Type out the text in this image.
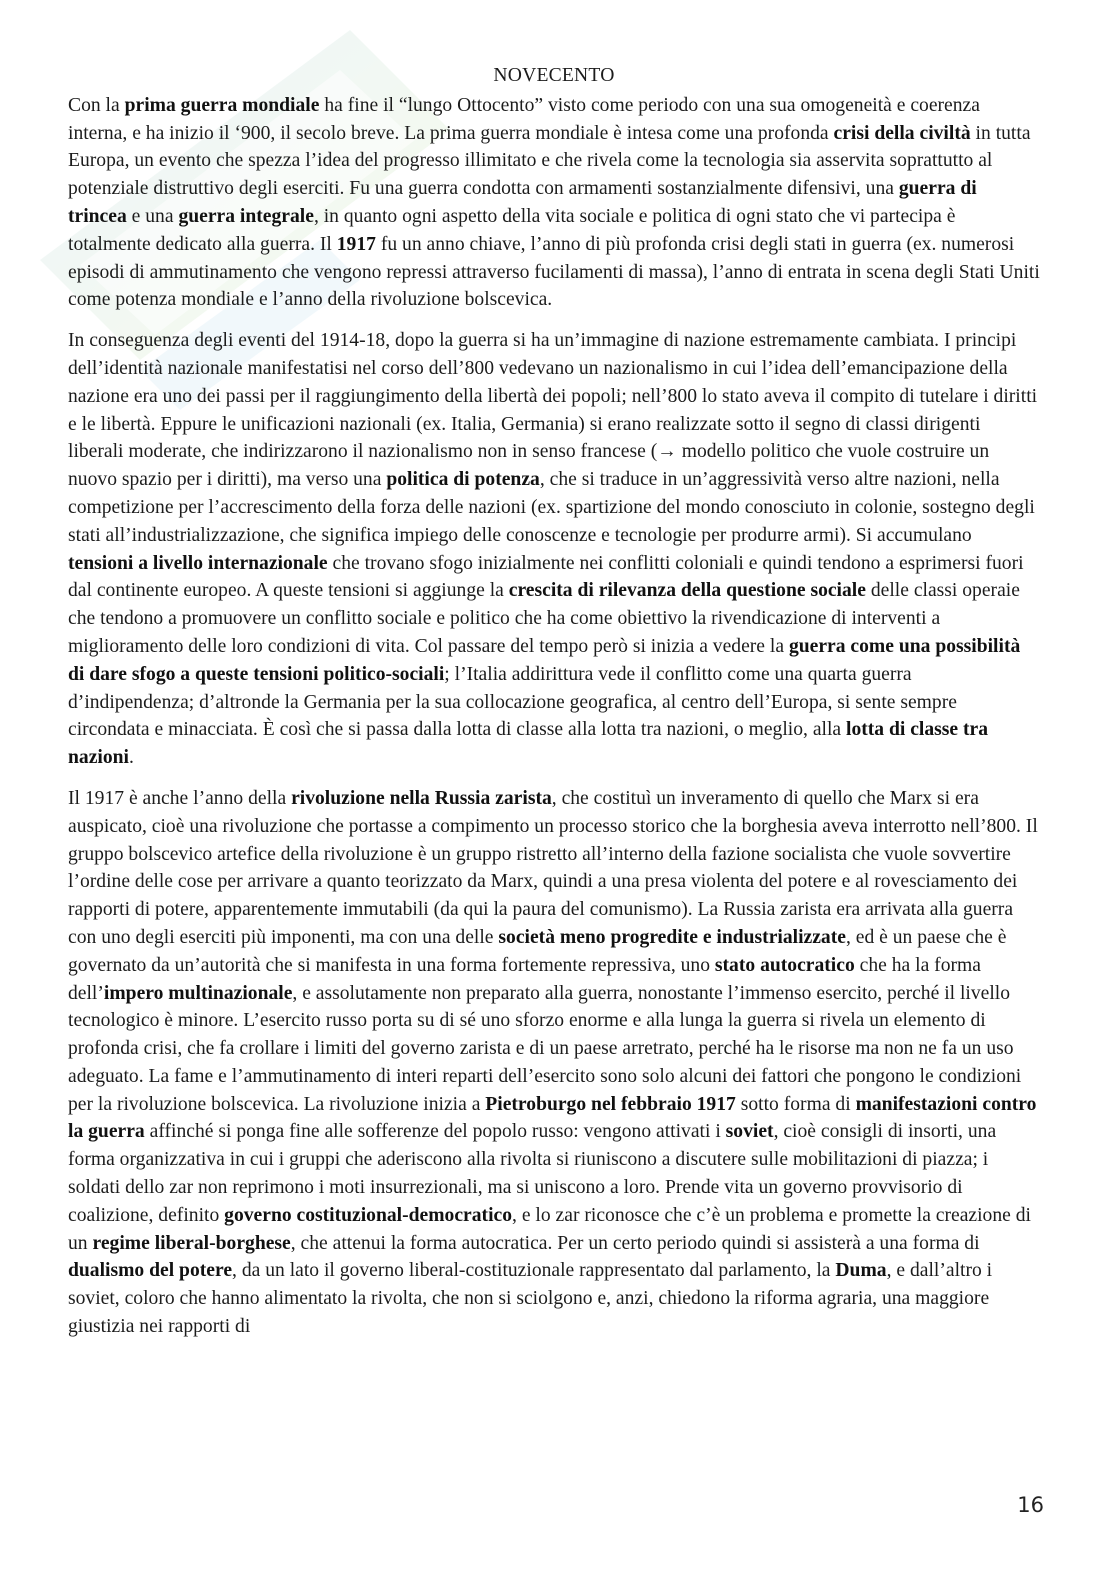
NOVECENTO

Con la prima guerra mondiale ha fine il “lungo Ottocento” visto come periodo con una sua omogeneità e coerenza interna, e ha inizio il ‘900, il secolo breve. La prima guerra mondiale è intesa come una profonda crisi della civiltà in tutta Europa, un evento che spezza l’idea del progresso illimitato e che rivela come la tecnologia sia asservita soprattutto al potenziale distruttivo degli eserciti. Fu una guerra condotta con armamenti sostanzialmente difensivi, una guerra di trincea e una guerra integrale, in quanto ogni aspetto della vita sociale e politica di ogni stato che vi partecipa è totalmente dedicato alla guerra. Il 1917 fu un anno chiave, l’anno di più profonda crisi degli stati in guerra (ex. numerosi episodi di ammutinamento che vengono repressi attraverso fucilamenti di massa), l’anno di entrata in scena degli Stati Uniti come potenza mondiale e l’anno della rivoluzione bolscevica.

In conseguenza degli eventi del 1914-18, dopo la guerra si ha un’immagine di nazione estremamente cambiata. I principi dell’identità nazionale manifestatisi nel corso dell’800 vedevano un nazionalismo in cui l’idea dell’emancipazione della nazione era uno dei passi per il raggiungimento della libertà dei popoli; nell’800 lo stato aveva il compito di tutelare i diritti e le libertà. Eppure le unificazioni nazionali (ex. Italia, Germania) si erano realizzate sotto il segno di classi dirigenti liberali moderate, che indirizzarono il nazionalismo non in senso francese (→ modello politico che vuole costruire un nuovo spazio per i diritti), ma verso una politica di potenza, che si traduce in un’aggressività verso altre nazioni, nella competizione per l’accrescimento della forza delle nazioni (ex. spartizione del mondo conosciuto in colonie, sostegno degli stati all’industrializzazione, che significa impiego delle conoscenze e tecnologie per produrre armi). Si accumulano tensioni a livello internazionale che trovano sfogo inizialmente nei conflitti coloniali e quindi tendono a esprimersi fuori dal continente europeo. A queste tensioni si aggiunge la crescita di rilevanza della questione sociale delle classi operaie che tendono a promuovere un conflitto sociale e politico che ha come obiettivo la rivendicazione di interventi a miglioramento delle loro condizioni di vita. Col passare del tempo però si inizia a vedere la guerra come una possibilità di dare sfogo a queste tensioni politico-sociali; l’Italia addirittura vede il conflitto come una quarta guerra d’indipendenza; d’altronde la Germania per la sua collocazione geografica, al centro dell’Europa, si sente sempre circondata e minacciata. È così che si passa dalla lotta di classe alla lotta tra nazioni, o meglio, alla lotta di classe tra nazioni.

Il 1917 è anche l’anno della rivoluzione nella Russia zarista, che costituì un inveramento di quello che Marx si era auspicato, cioè una rivoluzione che portasse a compimento un processo storico che la borghesia aveva interrotto nell’800. Il gruppo bolscevico artefice della rivoluzione è un gruppo ristretto all’interno della fazione socialista che vuole sovvertire l’ordine delle cose per arrivare a quanto teorizzato da Marx, quindi a una presa violenta del potere e al rovesciamento dei rapporti di potere, apparentemente immutabili (da qui la paura del comunismo). La Russia zarista era arrivata alla guerra con uno degli eserciti più imponenti, ma con una delle società meno progredite e industrializzate, ed è un paese che è governato da un’autorità che si manifesta in una forma fortemente repressiva, uno stato autocratico che ha la forma dell’impero multinazionale, e assolutamente non preparato alla guerra, nonostante l’immenso esercito, perché il livello tecnologico è minore. L’esercito russo porta su di sé uno sforzo enorme e alla lunga la guerra si rivela un elemento di profonda crisi, che fa crollare i limiti del governo zarista e di un paese arretrato, perché ha le risorse ma non ne fa un uso adeguato. La fame e l’ammutinamento di interi reparti dell’esercito sono solo alcuni dei fattori che pongono le condizioni per la rivoluzione bolscevica. La rivoluzione inizia a Pietroburgo nel febbraio 1917 sotto forma di manifestazioni contro la guerra affinché si ponga fine alle sofferenze del popolo russo: vengono attivati i soviet, cioè consigli di insorti, una forma organizzativa in cui i gruppi che aderiscono alla rivolta si riuniscono a discutere sulle mobilitazioni di piazza; i soldati dello zar non reprimono i moti insurrezionali, ma si uniscono a loro. Prende vita un governo provvisorio di coalizione, definito governo costituzional-democratico, e lo zar riconosce che c’è un problema e promette la creazione di un regime liberal-borghese, che attenui la forma autocratica. Per un certo periodo quindi si assisterà a una forma di dualismo del potere, da un lato il governo liberal-costituzionale rappresentato dal parlamento, la Duma, e dall’altro i soviet, coloro che hanno alimentato la rivolta, che non si sciolgono e, anzi, chiedono la riforma agraria, una maggiore giustizia nei rapporti di

16
